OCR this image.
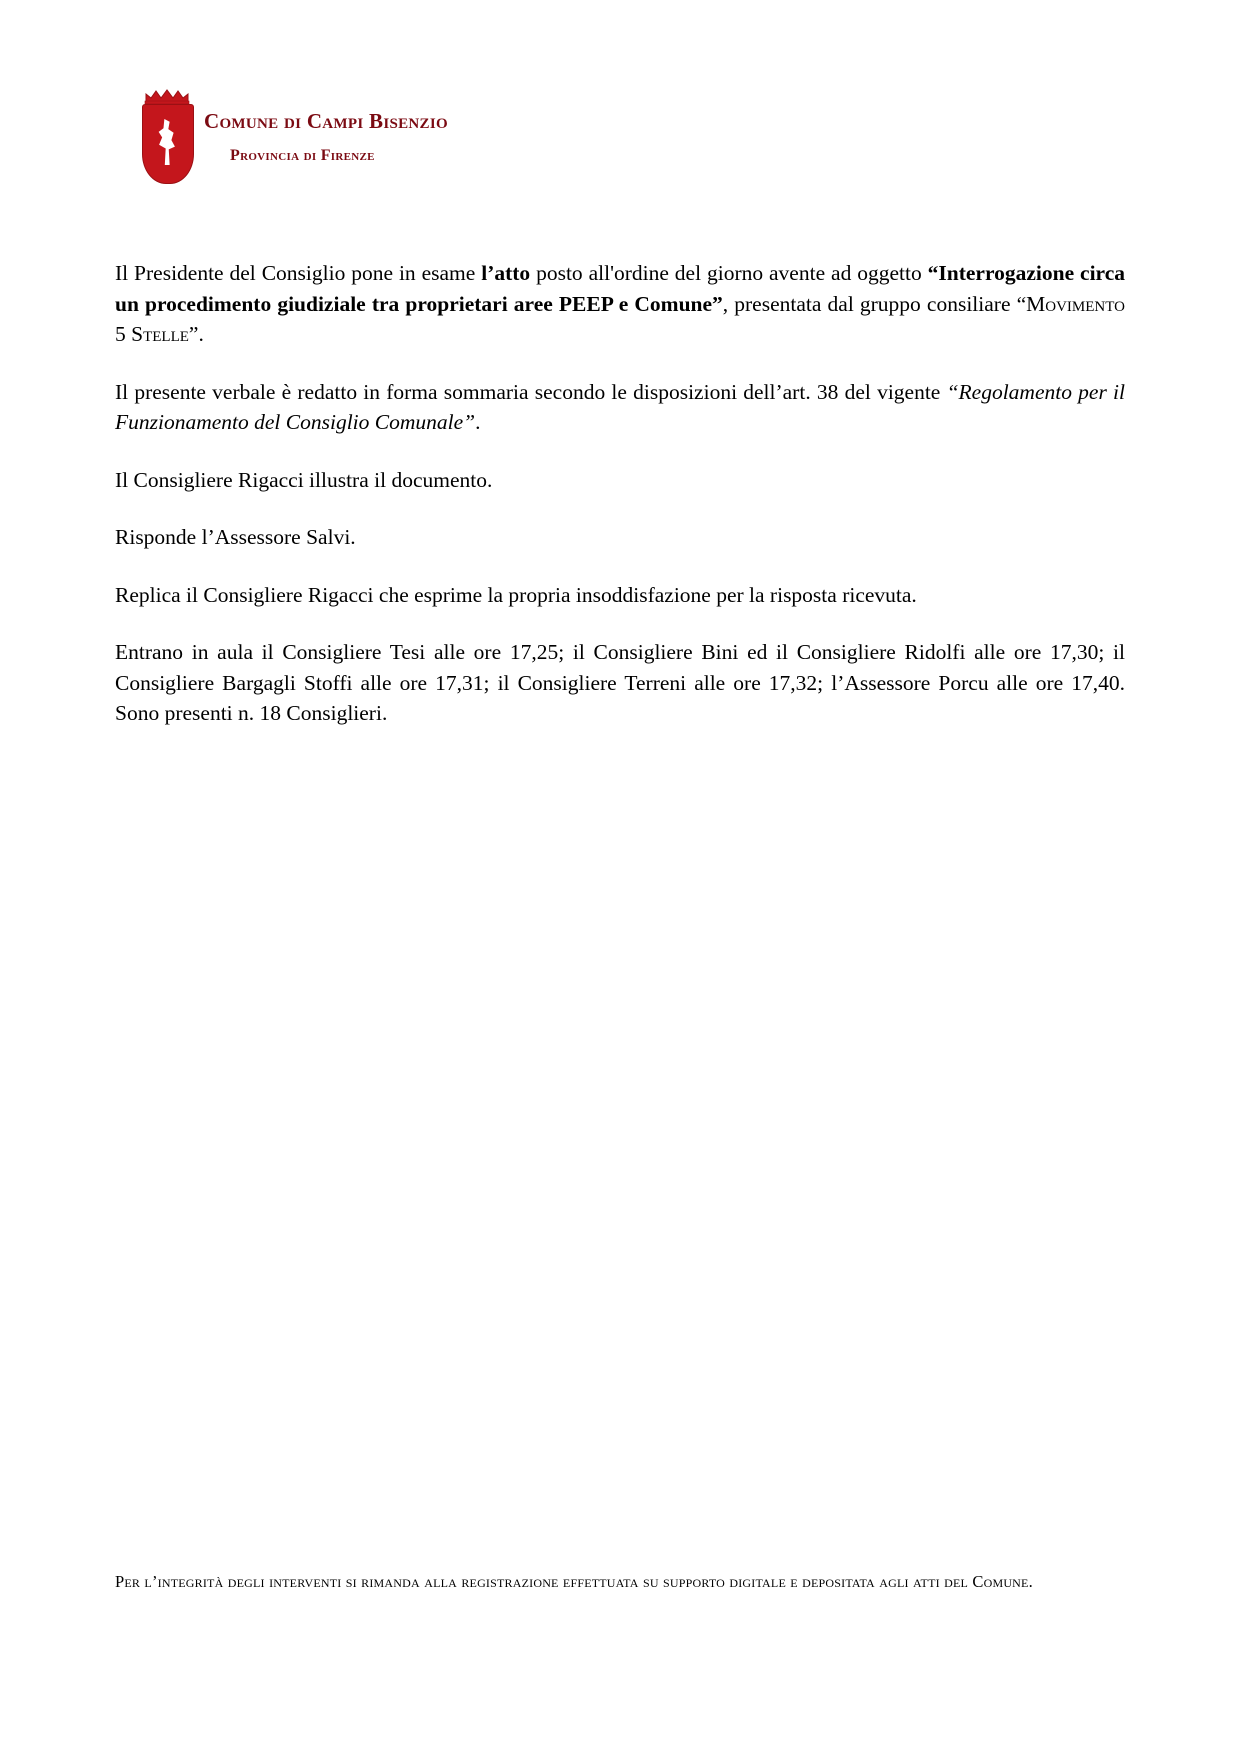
Comune di Campi Bisenzio
Provincia di Firenze

Il Presidente del Consiglio pone in esame l’atto posto all'ordine del giorno avente ad oggetto “Interrogazione circa un procedimento giudiziale tra proprietari aree PEEP e Comune”, presentata dal gruppo consiliare “Movimento 5 Stelle”.

Il presente verbale è redatto in forma sommaria secondo le disposizioni dell’art. 38 del vigente “Regolamento per il Funzionamento del Consiglio Comunale”.

Il Consigliere Rigacci illustra il documento.

Risponde l’Assessore Salvi.

Replica il Consigliere Rigacci che esprime la propria insoddisfazione per la risposta ricevuta.

Entrano in aula il Consigliere Tesi alle ore 17,25; il Consigliere Bini ed il Consigliere Ridolfi alle ore 17,30; il Consigliere Bargagli Stoffi alle ore 17,31; il Consigliere Terreni alle ore 17,32; l’Assessore Porcu alle ore 17,40. Sono presenti n. 18 Consiglieri.

Per l’integrità degli interventi si rimanda alla registrazione effettuata su supporto digitale e depositata agli atti del Comune.
